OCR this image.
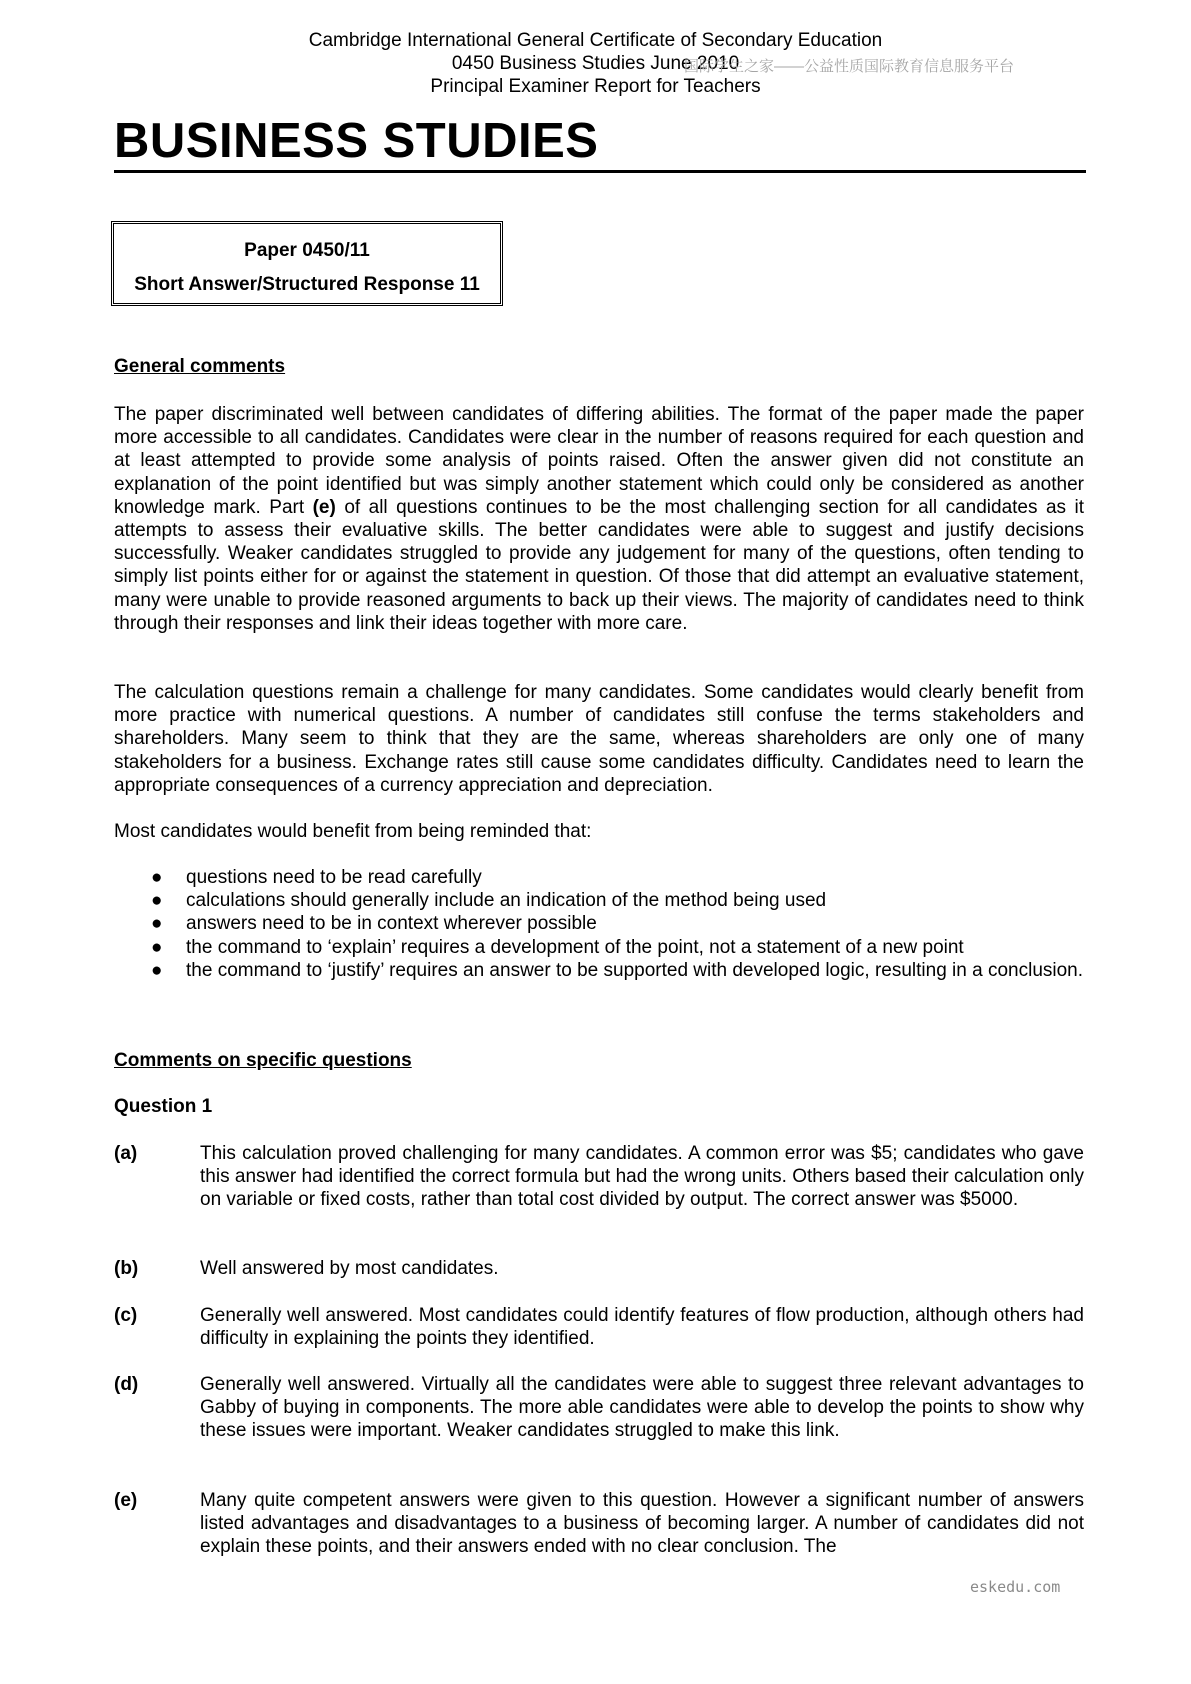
Cambridge International General Certificate of Secondary Education
0450 Business Studies June 2010
国际学生之家——公益性质国际教育信息服务平台
Principal Examiner Report for Teachers
BUSINESS STUDIES
Paper 0450/11
Short Answer/Structured Response 11
General comments
The paper discriminated well between candidates of differing abilities. The format of the paper made the paper more accessible to all candidates. Candidates were clear in the number of reasons required for each question and at least attempted to provide some analysis of points raised. Often the answer given did not constitute an explanation of the point identified but was simply another statement which could only be considered as another knowledge mark. Part (e) of all questions continues to be the most challenging section for all candidates as it attempts to assess their evaluative skills. The better candidates were able to suggest and justify decisions successfully. Weaker candidates struggled to provide any judgement for many of the questions, often tending to simply list points either for or against the statement in question. Of those that did attempt an evaluative statement, many were unable to provide reasoned arguments to back up their views. The majority of candidates need to think through their responses and link their ideas together with more care.
The calculation questions remain a challenge for many candidates. Some candidates would clearly benefit from more practice with numerical questions. A number of candidates still confuse the terms stakeholders and shareholders. Many seem to think that they are the same, whereas shareholders are only one of many stakeholders for a business. Exchange rates still cause some candidates difficulty. Candidates need to learn the appropriate consequences of a currency appreciation and depreciation.
Most candidates would benefit from being reminded that:
● questions need to be read carefully
● calculations should generally include an indication of the method being used
● answers need to be in context wherever possible
● the command to ‘explain’ requires a development of the point, not a statement of a new point
● the command to ‘justify’ requires an answer to be supported with developed logic, resulting in a conclusion.
Comments on specific questions
Question 1
(a)	This calculation proved challenging for many candidates. A common error was $5; candidates who gave this answer had identified the correct formula but had the wrong units. Others based their calculation only on variable or fixed costs, rather than total cost divided by output. The correct answer was $5000.
(b)	Well answered by most candidates.
(c)	Generally well answered. Most candidates could identify features of flow production, although others had difficulty in explaining the points they identified.
(d)	Generally well answered. Virtually all the candidates were able to suggest three relevant advantages to Gabby of buying in components. The more able candidates were able to develop the points to show why these issues were important. Weaker candidates struggled to make this link.
(e)	Many quite competent answers were given to this question. However a significant number of answers listed advantages and disadvantages to a business of becoming larger. A number of candidates did not explain these points, and their answers ended with no clear conclusion. The
eskedu.com
